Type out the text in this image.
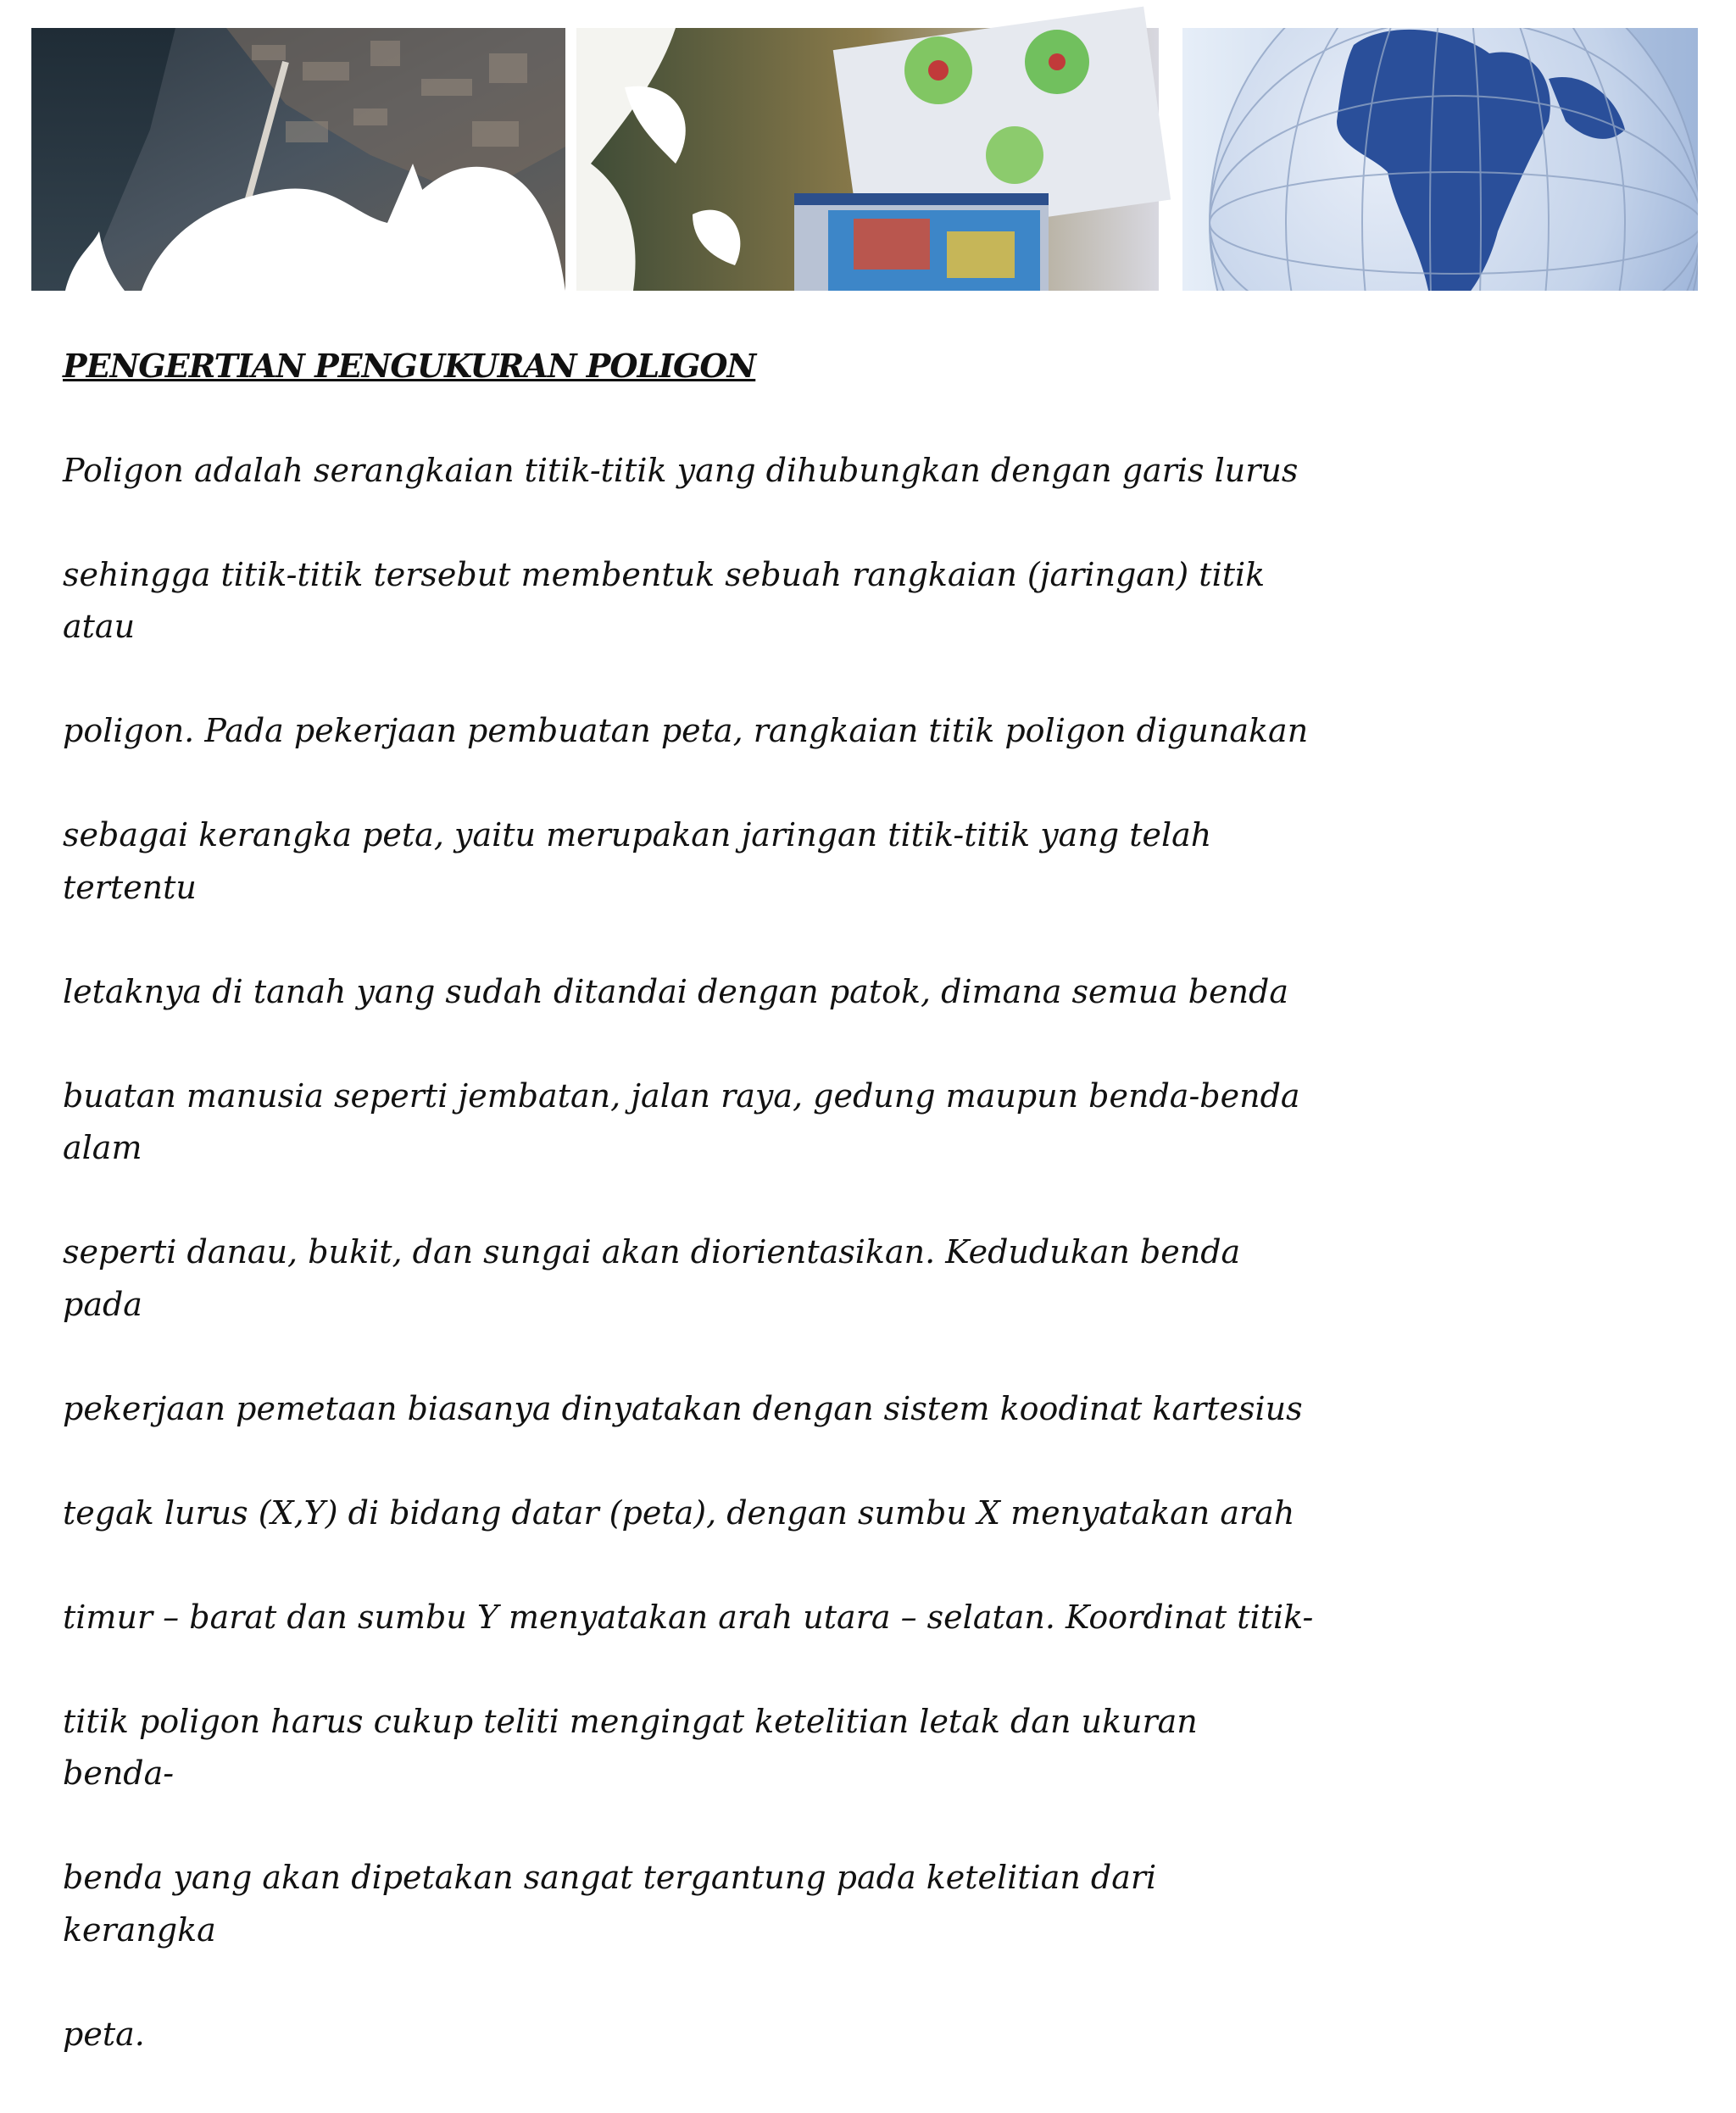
PENGERTIAN PENGUKURAN POLIGON

Poligon adalah serangkaian titik-titik yang dihubungkan dengan garis lurus

sehingga titik-titik tersebut membentuk sebuah rangkaian (jaringan) titik atau

poligon. Pada pekerjaan pembuatan peta, rangkaian titik poligon digunakan

sebagai kerangka peta, yaitu merupakan jaringan titik-titik yang telah tertentu

letaknya di tanah yang sudah ditandai dengan patok, dimana semua benda

buatan manusia seperti jembatan, jalan raya, gedung maupun benda-benda alam

seperti danau, bukit, dan sungai akan diorientasikan. Kedudukan benda pada

pekerjaan pemetaan biasanya dinyatakan dengan sistem koodinat kartesius

tegak lurus (X,Y) di bidang datar (peta), dengan sumbu X menyatakan arah

timur – barat dan sumbu Y menyatakan arah utara – selatan. Koordinat titik-

titik poligon harus cukup teliti mengingat ketelitian letak dan ukuran benda-

benda yang akan dipetakan sangat tergantung pada ketelitian dari kerangka

peta.
